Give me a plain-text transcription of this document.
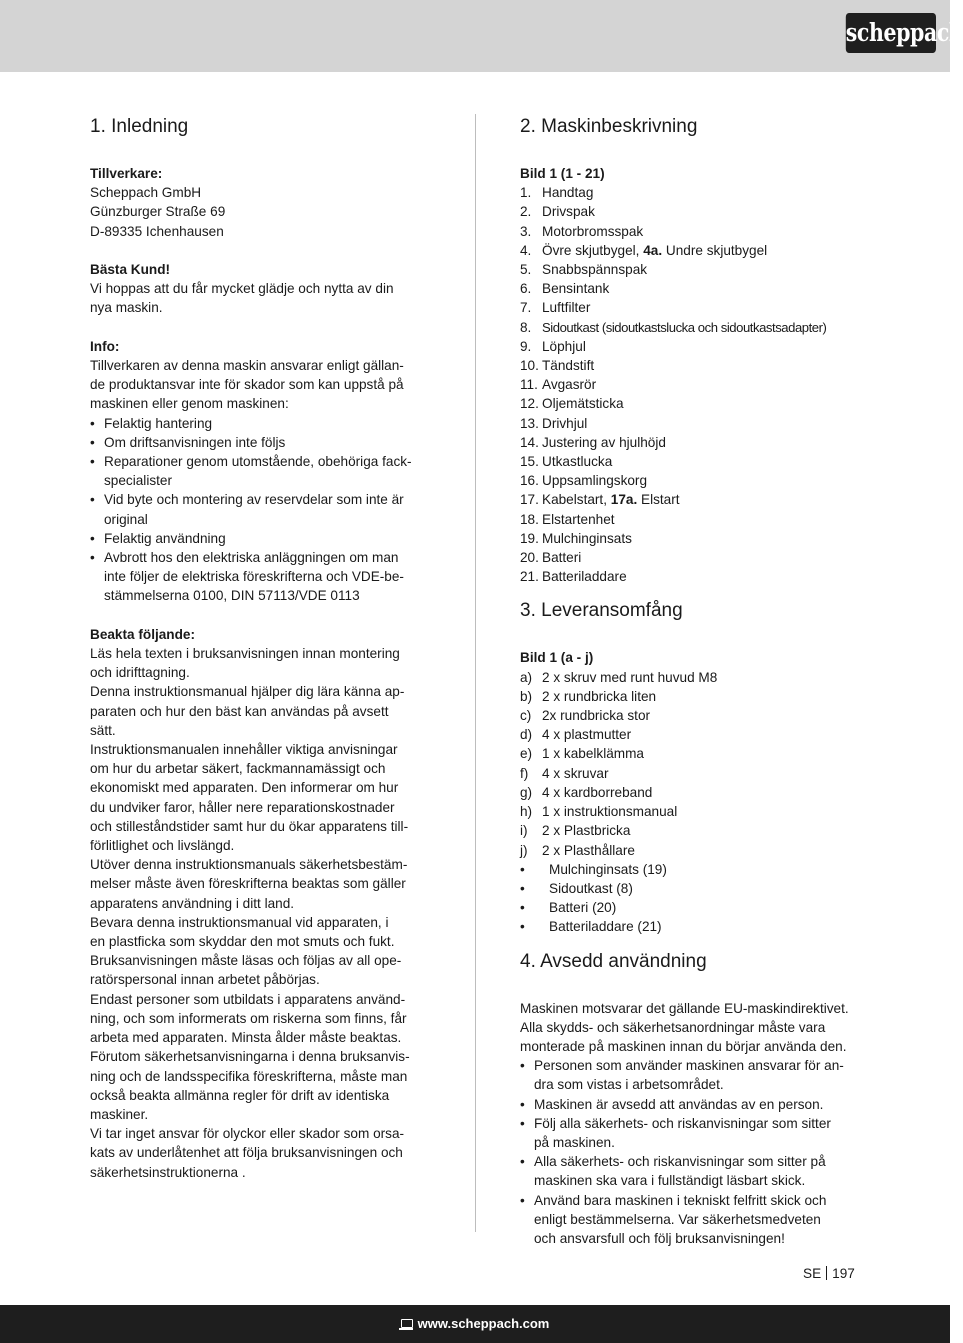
scheppach
1. Inledning

Tillverkare:

Scheppach GmbH

Günzburger Straße 69

D-89335 Ichenhausen

Bästa Kund!

Vi hoppas att du får mycket glädje och nytta av din

nya maskin.

Info:

Tillverkaren av denna maskin ansvarar enligt gällan-

de produktansvar inte för skador som kan uppstå på

maskinen eller genom maskinen:

• Felaktig hantering
• Om driftsanvisningen inte följs
• Reparationer genom utomstående, obehöriga fack-
specialister
• Vid byte och montering av reservdelar som inte är
original
• Felaktig användning
• Avbrott hos den elektriska anläggningen om man
inte följer de elektriska föreskrifterna och VDE-be-
stämmelserna 0100, DIN 57113/VDE 0113

Beakta följande:

Läs hela texten i bruksanvisningen innan montering

och idrifttagning.

Denna instruktionsmanual hjälper dig lära känna ap-

paraten och hur den bäst kan användas på avsett

sätt.

Instruktionsmanualen innehåller viktiga anvisningar

om hur du arbetar säkert, fackmannamässigt och

ekonomiskt med apparaten. Den informerar om hur

du undviker faror, håller nere reparationskostnader

och stilleståndstider samt hur du ökar apparatens till-

förlitlighet och livslängd.

Utöver denna instruktionsmanuals säkerhetsbestäm-

melser måste även föreskrifterna beaktas som gäller

apparatens användning i ditt land.

Bevara denna instruktionsmanual vid apparaten, i

en plastficka som skyddar den mot smuts och fukt.

Bruksanvisningen måste läsas och följas av all ope-

ratörspersonal innan arbetet påbörjas.

Endast personer som utbildats i apparatens använd-

ning, och som informerats om riskerna som finns, får

arbeta med apparaten. Minsta ålder måste beaktas.

Förutom säkerhetsanvisningarna i denna bruksanvis-

ning och de landsspecifika föreskrifterna, måste man

också beakta allmänna regler för drift av identiska

maskiner.

Vi tar inget ansvar för olyckor eller skador som orsa-

kats av underlåtenhet att följa bruksanvisningen och

säkerhetsinstruktionerna .

2. Maskinbeskrivning

Bild 1 (1 - 21)

1. Handtag
2. Drivspak
3. Motorbromsspak
4. Övre skjutbygel, 4a. Undre skjutbygel
5. Snabbspännspak
6. Bensintank
7. Luftfilter
8. Sidoutkast (sidoutkastslucka och sidoutkastsadapter)
9. Löphjul
10. Tändstift
11. Avgasrör
12. Oljemätsticka
13. Drivhjul
14. Justering av hjulhöjd
15. Utkastlucka
16. Uppsamlingskorg
17. Kabelstart, 17a. Elstart
18. Elstartenhet
19. Mulchinginsats
20. Batteri
21. Batteriladdare
3. Leveransomfång

Bild 1 (a - j)

a) 2 x skruv med runt huvud M8
b) 2 x rundbricka liten
c) 2x rundbricka stor
d) 4 x plastmutter
e) 1 x kabelklämma
f)	4 x skruvar
g) 4 x kardborreband
h) 1 x instruktionsmanual
i)	2 x Plastbricka
j)	2 x Plasthållare
•	Mulchinginsats (19)
•	Sidoutkast (8)
•	Batteri (20)
•	Batteriladdare (21)
4. Avsedd användning

Maskinen motsvarar det gällande EU-maskindirektivet.

Alla skydds- och säkerhetsanordningar måste vara

monterade på maskinen innan du börjar använda den.

• Personen som använder maskinen ansvarar för an-
dra som vistas i arbetsområdet.
• Maskinen är avsedd att användas av en person.
• Följ alla säkerhets- och riskanvisningar som sitter
på maskinen.
• Alla säkerhets- och riskanvisningar som sitter på
maskinen ska vara i fullständigt läsbart skick.
• Använd bara maskinen i tekniskt felfritt skick och
enligt bestämmelserna. Var säkerhetsmedveten
och ansvarsfull och följ bruksanvisningen!
SE 197
www.scheppach.com
